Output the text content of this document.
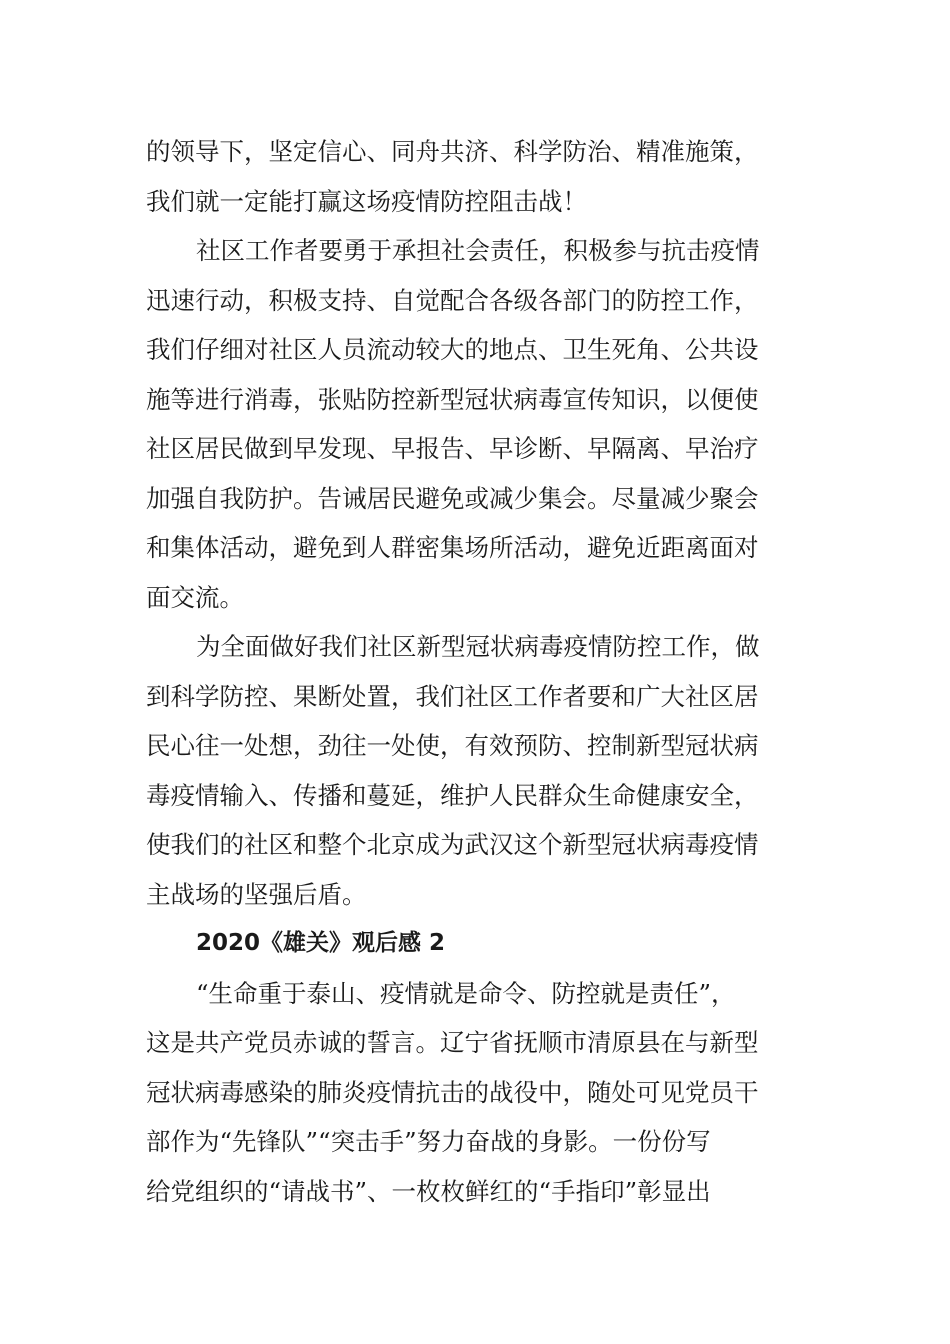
的领导下，坚定信心、同舟共济、科学防治、精准施策，
我们就一定能打赢这场疫情防控阻击战！
社区工作者要勇于承担社会责任，积极参与抗击疫情
迅速行动，积极支持、自觉配合各级各部门的防控工作，
我们仔细对社区人员流动较大的地点、卫生死角、公共设
施等进行消毒，张贴防控新型冠状病毒宣传知识，以便使
社区居民做到早发现、早报告、早诊断、早隔离、早治疗
加强自我防护。告诫居民避免或减少集会。尽量减少聚会
和集体活动，避免到人群密集场所活动，避免近距离面对
面交流。
为全面做好我们社区新型冠状病毒疫情防控工作，做
到科学防控、果断处置，我们社区工作者要和广大社区居
民心往一处想，劲往一处使，有效预防、控制新型冠状病
毒疫情输入、传播和蔓延，维护人民群众生命健康安全，
使我们的社区和整个北京成为武汉这个新型冠状病毒疫情
主战场的坚强后盾。
2020《雄关》观后感 2
“生命重于泰山、疫情就是命令、防控就是责任”，
这是共产党员赤诚的誓言。辽宁省抚顺市清原县在与新型
冠状病毒感染的肺炎疫情抗击的战役中，随处可见党员干
部作为“先锋队”“突击手”努力奋战的身影。一份份写
给党组织的“请战书”、一枚枚鲜红的“手指印”彰显出
